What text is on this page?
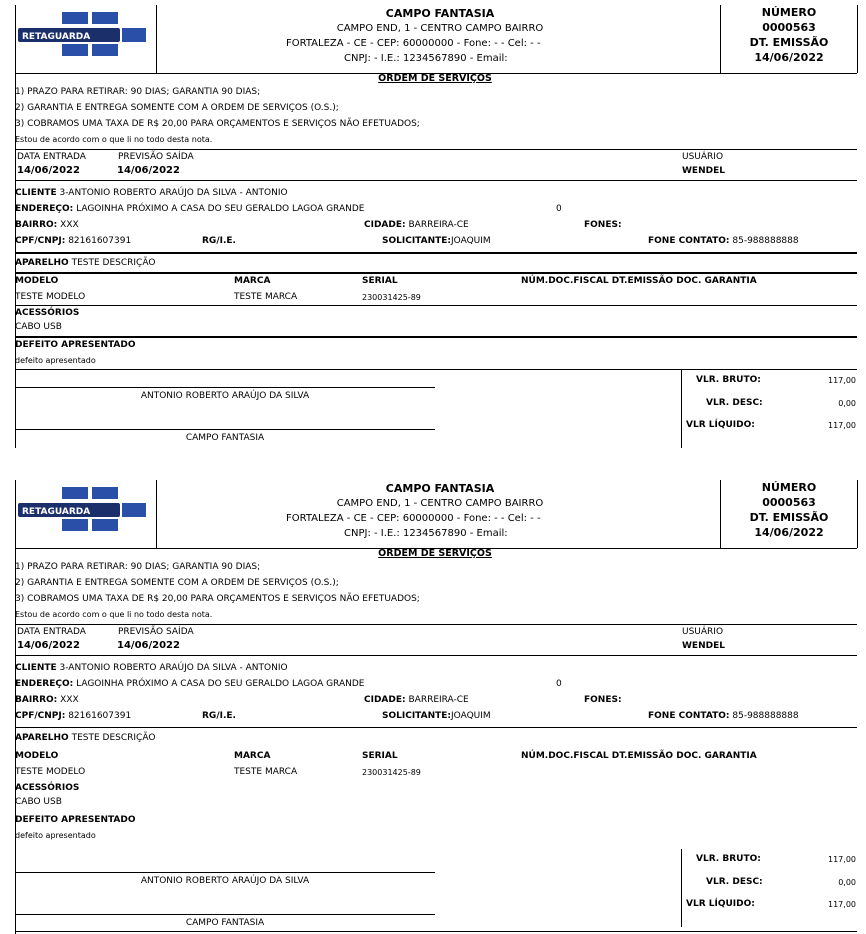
RETAGUARDA
CAMPO FANTASIA
CAMPO END, 1 - CENTRO CAMPO BAIRRO
FORTALEZA - CE - CEP: 60000000 - Fone: - - Cel: - -
CNPJ: - I.E.: 1234567890 - Email:
NÚMERO
0000563
DT. EMISSÃO
14/06/2022
ORDEM DE SERVIÇOS
1) PRAZO PARA RETIRAR: 90 DIAS; GARANTIA 90 DIAS;
2) GARANTIA E ENTREGA SOMENTE COM A ORDEM DE SERVIÇOS (O.S.);
3) COBRAMOS UMA TAXA DE R$ 20,00 PARA ORÇAMENTOS E SERVIÇOS NÃO EFETUADOS;
Estou de acordo com o que li no todo desta nota.
DATA ENTRADA	PREVISÃO SAÍDA	USUÁRIO
14/06/2022	14/06/2022	WENDEL
CLIENTE 3-ANTONIO ROBERTO ARAÚJO DA SILVA - ANTONIO
ENDEREÇO: LAGOINHA PRÓXIMO A CASA DO SEU GERALDO LAGOA GRANDE	0
BAIRRO: XXX	CIDADE: BARREIRA-CE	FONES:
CPF/CNPJ: 82161607391	RG/I.E.	SOLICITANTE:JOAQUIM	FONE CONTATO: 85-988888888
APARELHO TESTE DESCRIÇÃO
MODELO	MARCA	SERIAL	NÚM.DOC.FISCAL DT.EMISSÃO DOC. GARANTIA
TESTE MODELO	TESTE MARCA	230031425-89
ACESSÓRIOS
CABO USB
DEFEITO APRESENTADO
defeito apresentado
ANTONIO ROBERTO ARAÚJO DA SILVA
CAMPO FANTASIA
VLR. BRUTO:	117,00
VLR. DESC:	0,00
VLR LÍQUIDO:	117,00
RETAGUARDA
CAMPO FANTASIA
CAMPO END, 1 - CENTRO CAMPO BAIRRO
FORTALEZA - CE - CEP: 60000000 - Fone: - - Cel: - -
CNPJ: - I.E.: 1234567890 - Email:
NÚMERO
0000563
DT. EMISSÃO
14/06/2022
ORDEM DE SERVIÇOS
1) PRAZO PARA RETIRAR: 90 DIAS; GARANTIA 90 DIAS;
2) GARANTIA E ENTREGA SOMENTE COM A ORDEM DE SERVIÇOS (O.S.);
3) COBRAMOS UMA TAXA DE R$ 20,00 PARA ORÇAMENTOS E SERVIÇOS NÃO EFETUADOS;
Estou de acordo com o que li no todo desta nota.
DATA ENTRADA	PREVISÃO SAÍDA	USUÁRIO
14/06/2022	14/06/2022	WENDEL
CLIENTE 3-ANTONIO ROBERTO ARAÚJO DA SILVA - ANTONIO
ENDEREÇO: LAGOINHA PRÓXIMO A CASA DO SEU GERALDO LAGOA GRANDE	0
BAIRRO: XXX	CIDADE: BARREIRA-CE	FONES:
CPF/CNPJ: 82161607391	RG/I.E.	SOLICITANTE:JOAQUIM	FONE CONTATO: 85-988888888
APARELHO TESTE DESCRIÇÃO
MODELO	MARCA	SERIAL	NÚM.DOC.FISCAL DT.EMISSÃO DOC. GARANTIA
TESTE MODELO	TESTE MARCA	230031425-89
ACESSÓRIOS
CABO USB
DEFEITO APRESENTADO
defeito apresentado
ANTONIO ROBERTO ARAÚJO DA SILVA
CAMPO FANTASIA
VLR. BRUTO:	117,00
VLR. DESC:	0,00
VLR LÍQUIDO:	117,00
